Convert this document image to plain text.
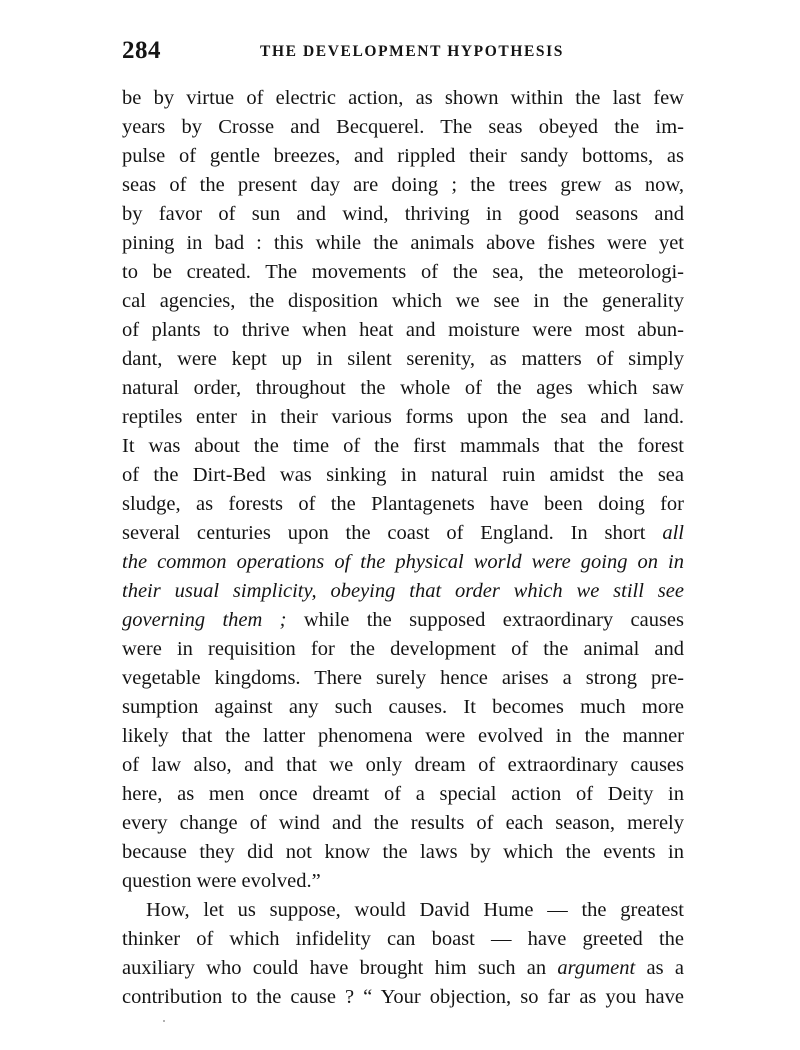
284	THE DEVELOPMENT HYPOTHESIS
be by virtue of electric action, as shown within the last few
years by Crosse and Becquerel. The seas obeyed the im-
pulse of gentle breezes, and rippled their sandy bottoms, as
seas of the present day are doing ; the trees grew as now,
by favor of sun and wind, thriving in good seasons and
pining in bad : this while the animals above fishes were yet
to be created. The movements of the sea, the meteorologi-
cal agencies, the disposition which we see in the generality
of plants to thrive when heat and moisture were most abun-
dant, were kept up in silent serenity, as matters of simply
natural order, throughout the whole of the ages which saw
reptiles enter in their various forms upon the sea and land.
It was about the time of the first mammals that the forest
of the Dirt-Bed was sinking in natural ruin amidst the sea
sludge, as forests of the Plantagenets have been doing for
several centuries upon the coast of England. In short all
the common operations of the physical world were going on in
their usual simplicity, obeying that order which we still see
governing them ; while the supposed extraordinary causes
were in requisition for the development of the animal and
vegetable kingdoms. There surely hence arises a strong pre-
sumption against any such causes. It becomes much more
likely that the latter phenomena were evolved in the manner
of law also, and that we only dream of extraordinary causes
here, as men once dreamt of a special action of Deity in
every change of wind and the results of each season, merely
because they did not know the laws by which the events in
question were evolved.”
How, let us suppose, would David Hume — the greatest
thinker of which infidelity can boast — have greeted the
auxiliary who could have brought him such an argument as a
contribution to the cause ? “ Your objection, so far as you have
